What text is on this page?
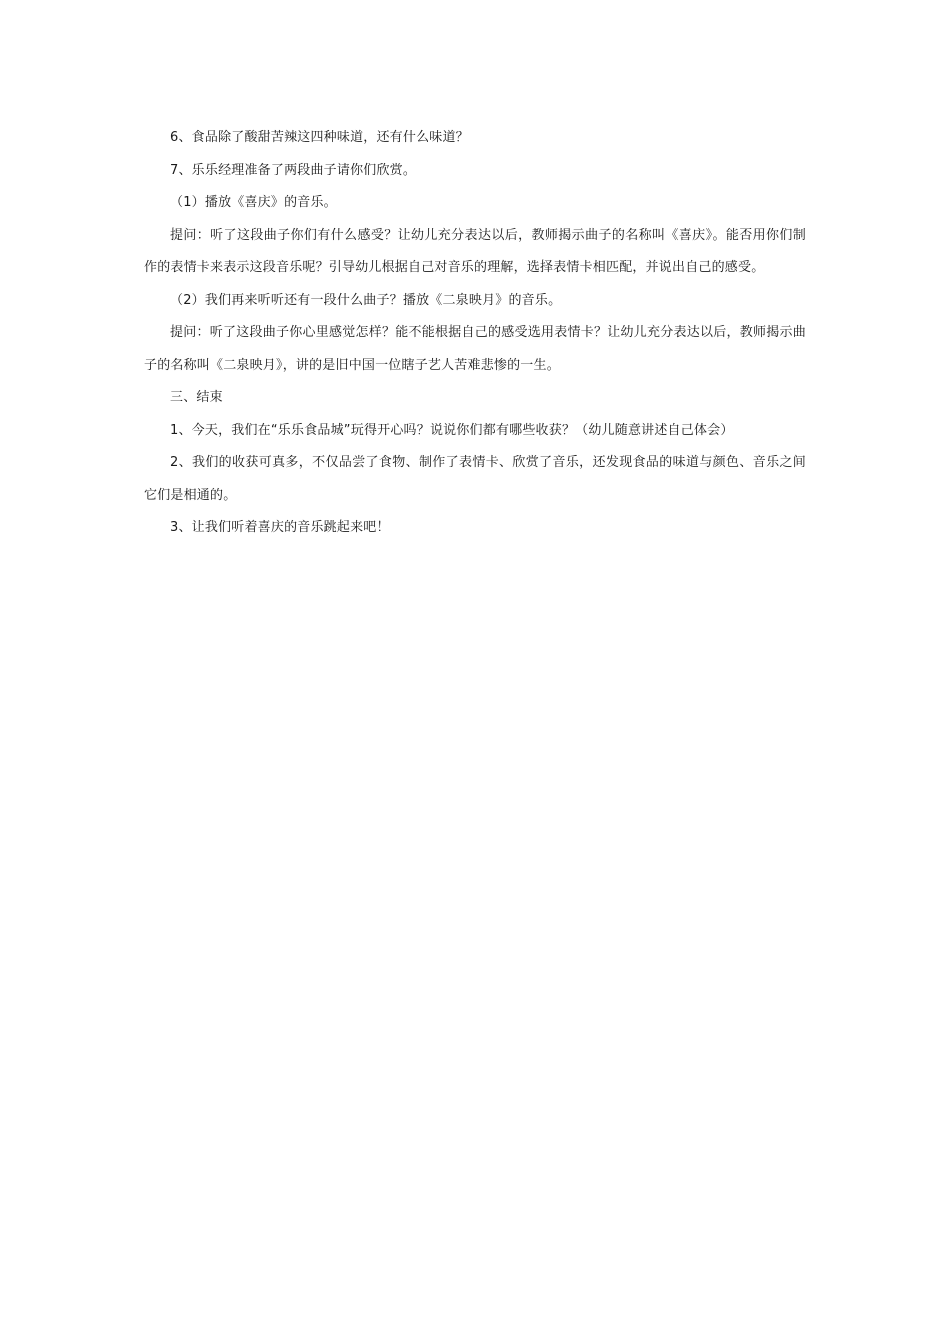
6、食品除了酸甜苦辣这四种味道，还有什么味道？

7、乐乐经理准备了两段曲子请你们欣赏。

（1）播放《喜庆》的音乐。

提问：听了这段曲子你们有什么感受？让幼儿充分表达以后，教师揭示曲子的名称叫《喜庆》。能否用你们制作的表情卡来表示这段音乐呢？引导幼儿根据自己对音乐的理解，选择表情卡相匹配，并说出自己的感受。

（2）我们再来听听还有一段什么曲子？播放《二泉映月》的音乐。

提问：听了这段曲子你心里感觉怎样？能不能根据自己的感受选用表情卡？让幼儿充分表达以后，教师揭示曲子的名称叫《二泉映月》，讲的是旧中国一位瞎子艺人苦难悲惨的一生。

三、结束

1、今天，我们在“乐乐食品城”玩得开心吗？说说你们都有哪些收获？（幼儿随意讲述自己体会）

2、我们的收获可真多，不仅品尝了食物、制作了表情卡、欣赏了音乐，还发现食品的味道与颜色、音乐之间它们是相通的。

3、让我们听着喜庆的音乐跳起来吧！
